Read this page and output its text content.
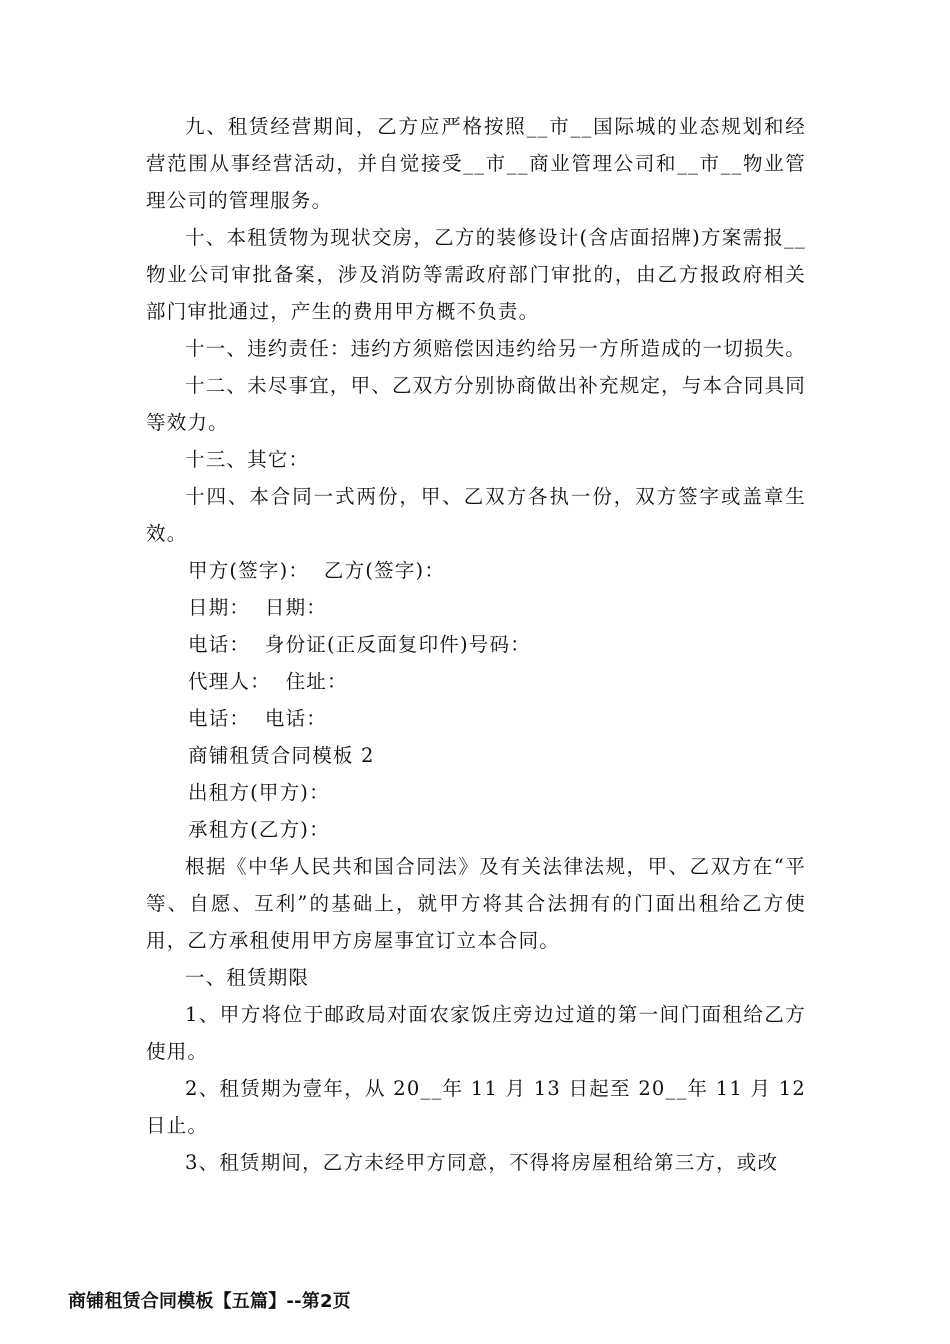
九、租赁经营期间，乙方应严格按照__市__国际城的业态规划和经营范围从事经营活动，并自觉接受__市__商业管理公司和__市__物业管理公司的管理服务。

十、本租赁物为现状交房，乙方的装修设计(含店面招牌)方案需报__物业公司审批备案，涉及消防等需政府部门审批的，由乙方报政府相关部门审批通过，产生的费用甲方概不负责。

十一、违约责任：违约方须赔偿因违约给另一方所造成的一切损失。

十二、未尽事宜，甲、乙双方分别协商做出补充规定，与本合同具同等效力。

十三、其它：

十四、本合同一式两份，甲、乙双方各执一份，双方签字或盖章生效。

甲方(签字)：  乙方(签字)：

日期：  日期：

电话：  身份证(正反面复印件)号码：

代理人：  住址：

电话：  电话：

商铺租赁合同模板 2

出租方(甲方)：

承租方(乙方)：

根据《中华人民共和国合同法》及有关法律法规，甲、乙双方在“平等、自愿、互利”的基础上，就甲方将其合法拥有的门面出租给乙方使用，乙方承租使用甲方房屋事宜订立本合同。

一、租赁期限

1、甲方将位于邮政局对面农家饭庄旁边过道的第一间门面租给乙方使用。

2、租赁期为壹年，从 20__年 11 月 13 日起至 20__年 11 月 12 日止。

3、租赁期间，乙方未经甲方同意，不得将房屋租给第三方，或改

商铺租赁合同模板【五篇】--第2页
